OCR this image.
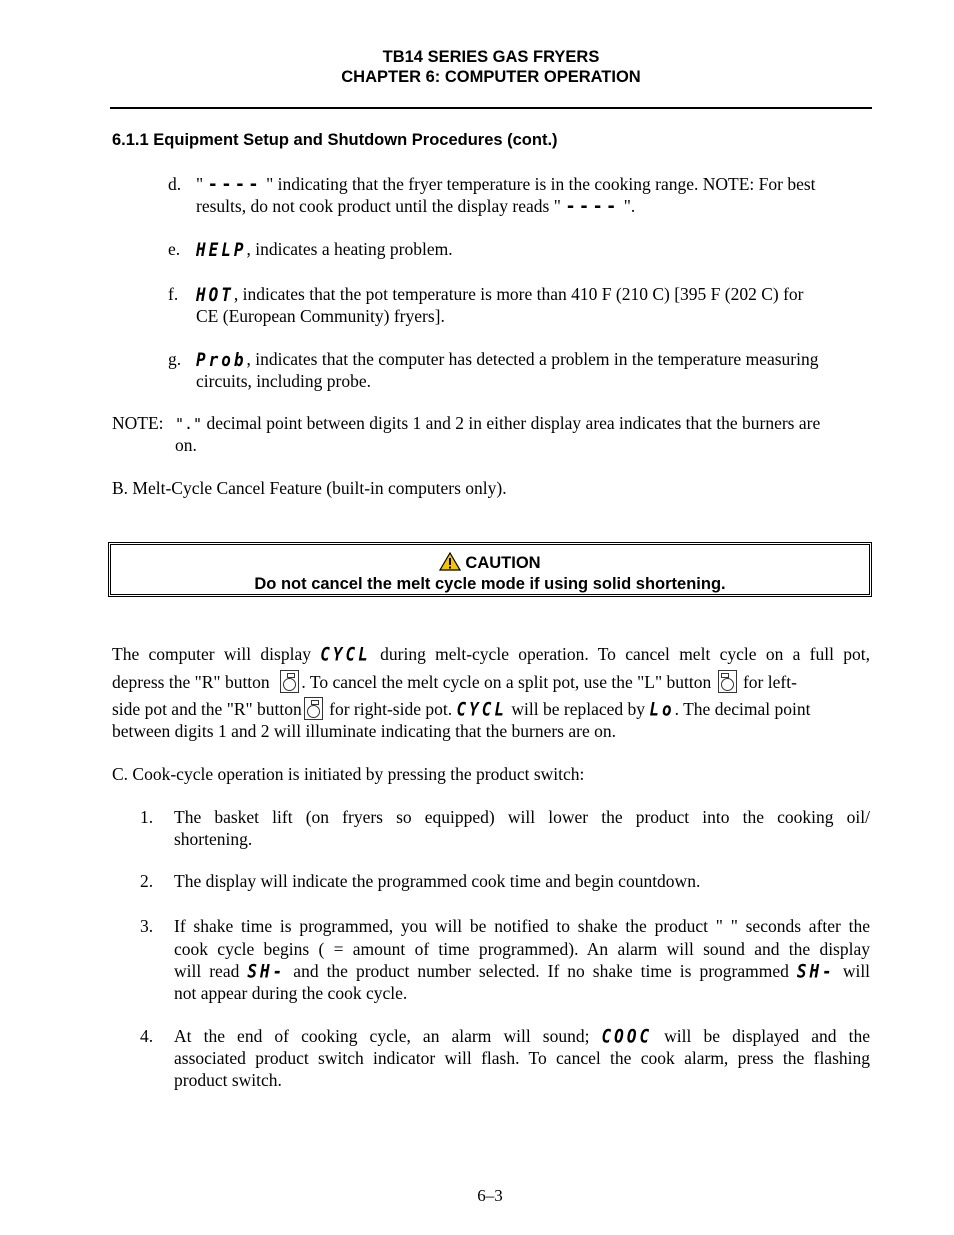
TB14 SERIES GAS FRYERS
CHAPTER 6: COMPUTER OPERATION
6.1.1 Equipment Setup and Shutdown Procedures (cont.)
d. " ---- " indicating that the fryer temperature is in the cooking range. NOTE: For best
results, do not cook product until the display reads " ---- ".
e. HELP, indicates a heating problem.
f. HOT, indicates that the pot temperature is more than 410 F (210 C) [395 F (202 C) for
CE (European Community) fryers].
g. Prob, indicates that the computer has detected a problem in the temperature measuring
circuits, including probe.
NOTE: "." decimal point between digits 1 and 2 in either display area indicates that the burners are
on.
B. Melt-Cycle Cancel Feature (built-in computers only).
CAUTION
Do not cancel the melt cycle mode if using solid shortening.
The computer will display CYCL during melt-cycle operation. To cancel melt cycle on a full pot,
depress the "R" button . To cancel the melt cycle on a split pot, use the "L" button for left-
side pot and the "R" button for right-side pot. CYCL will be replaced by Lo. The decimal point
between digits 1 and 2 will illuminate indicating that the burners are on.
C. Cook-cycle operation is initiated by pressing the product switch:
1. The basket lift (on fryers so equipped) will lower the product into the cooking oil/
shortening.
2. The display will indicate the programmed cook time and begin countdown.
3. If shake time is programmed, you will be notified to shake the product " " seconds after the
cook cycle begins ( = amount of time programmed). An alarm will sound and the display
will read SH- and the product number selected. If no shake time is programmed SH- will
not appear during the cook cycle.
4. At the end of cooking cycle, an alarm will sound; COOC will be displayed and the
associated product switch indicator will flash. To cancel the cook alarm, press the flashing
product switch.
6–3
